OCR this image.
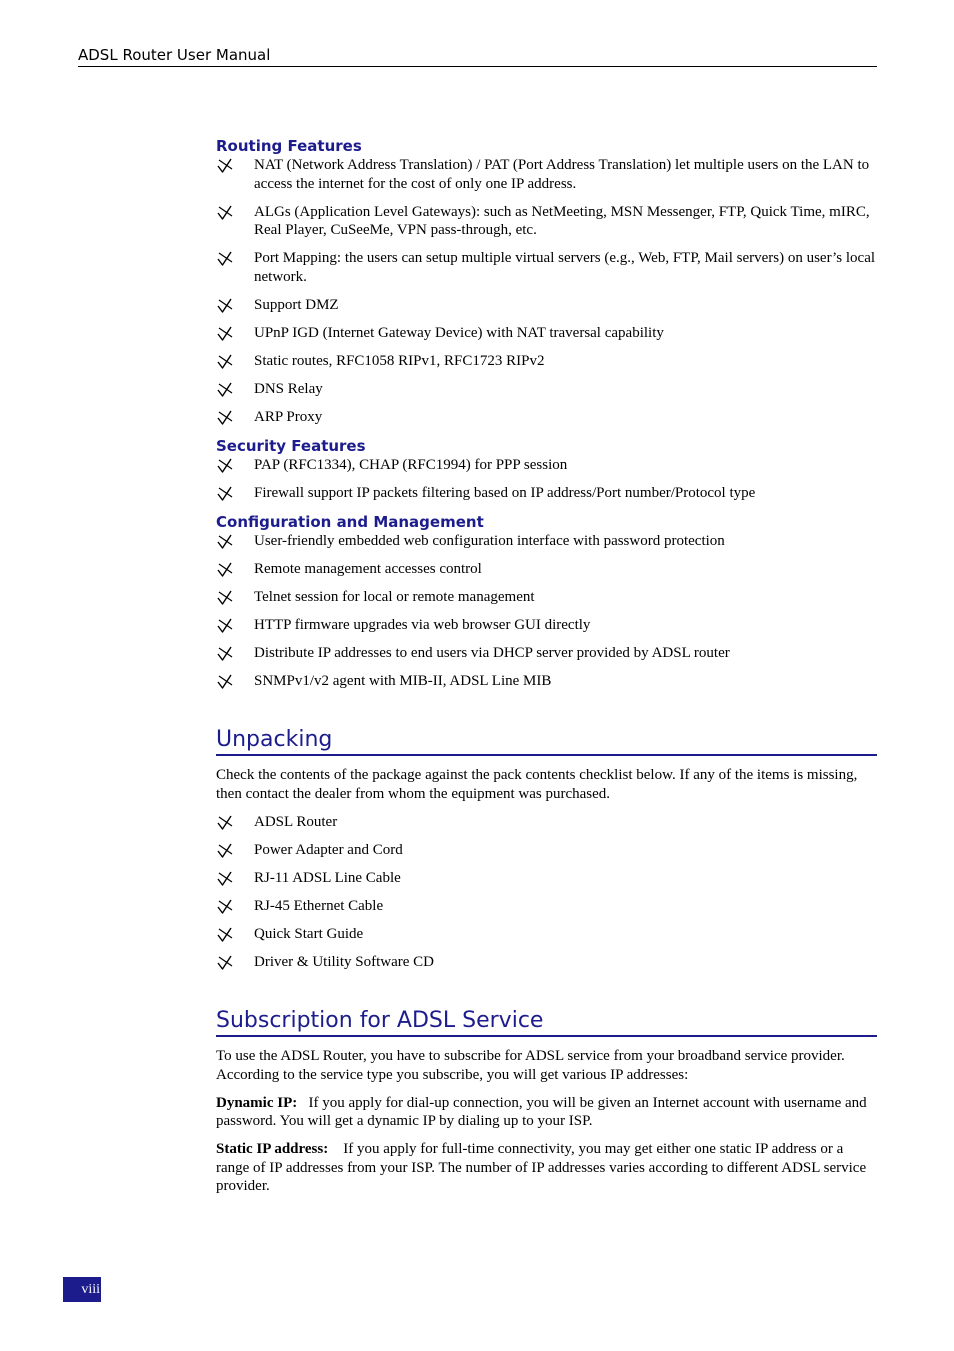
ADSL Router User Manual
Routing Features
NAT (Network Address Translation) / PAT (Port Address Translation) let multiple users on the LAN to access the internet for the cost of only one IP address.
ALGs (Application Level Gateways): such as NetMeeting, MSN Messenger, FTP, Quick Time, mIRC, Real Player, CuSeeMe, VPN pass-through, etc.
Port Mapping: the users can setup multiple virtual servers (e.g., Web, FTP, Mail servers) on user’s local network.
Support DMZ
UPnP IGD (Internet Gateway Device) with NAT traversal capability
Static routes, RFC1058 RIPv1, RFC1723 RIPv2
DNS Relay
ARP Proxy
Security Features
PAP (RFC1334), CHAP (RFC1994) for PPP session
Firewall support IP packets filtering based on IP address/Port number/Protocol type
Configuration and Management
User-friendly embedded web configuration interface with password protection
Remote management accesses control
Telnet session for local or remote management
HTTP firmware upgrades via web browser GUI directly
Distribute IP addresses to end users via DHCP server provided by ADSL router
SNMPv1/v2 agent with MIB-II, ADSL Line MIB
Unpacking

Check the contents of the package against the pack contents checklist below. If any of the items is missing, then contact the dealer from whom the equipment was purchased.

ADSL Router
Power Adapter and Cord
RJ-11 ADSL Line Cable
RJ-45 Ethernet Cable
Quick Start Guide
Driver & Utility Software CD
Subscription for ADSL Service

To use the ADSL Router, you have to subscribe for ADSL service from your broadband service provider. According to the service type you subscribe, you will get various IP addresses:

Dynamic IP: If you apply for dial-up connection, you will be given an Internet account with username and password. You will get a dynamic IP by dialing up to your ISP.

Static IP address: If you apply for full-time connectivity, you may get either one static IP address or a range of IP addresses from your ISP. The number of IP addresses varies according to different ADSL service provider.

viii
